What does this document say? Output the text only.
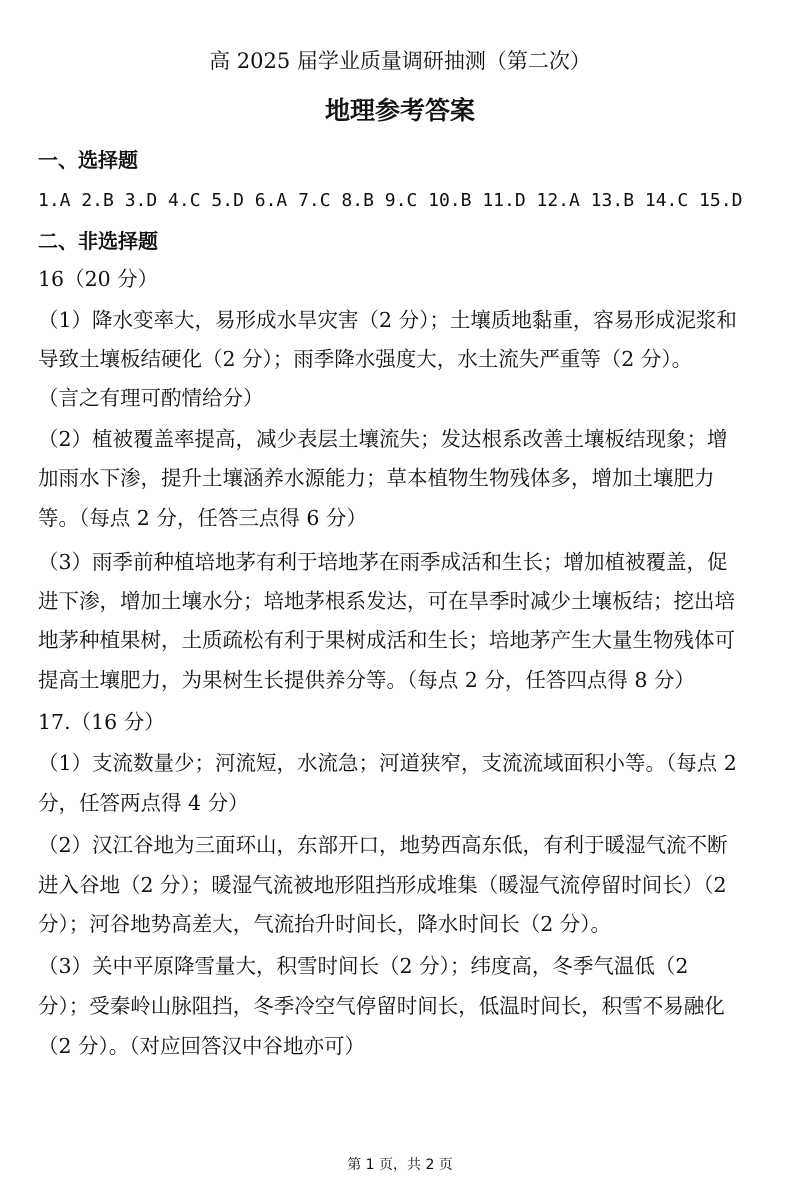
高 2025 届学业质量调研抽测（第二次）
地理参考答案
一、选择题
1.A 2.B 3.D 4.C 5.D 6.A 7.C 8.B 9.C 10.B 11.D 12.A 13.B 14.C 15.D
二、非选择题
16（20 分）
（1）降水变率大，易形成水旱灾害（2 分）；土壤质地黏重，容易形成泥浆和
导致土壤板结硬化（2 分）；雨季降水强度大，水土流失严重等（2 分）。
（言之有理可酌情给分）
（2）植被覆盖率提高，减少表层土壤流失；发达根系改善土壤板结现象；增
加雨水下渗，提升土壤涵养水源能力；草本植物生物残体多，增加土壤肥力
等。（每点 2 分，任答三点得 6 分）
（3）雨季前种植培地茅有利于培地茅在雨季成活和生长；增加植被覆盖，促
进下渗，增加土壤水分；培地茅根系发达，可在旱季时减少土壤板结；挖出培
地茅种植果树，土质疏松有利于果树成活和生长；培地茅产生大量生物残体可
提高土壤肥力，为果树生长提供养分等。（每点 2 分，任答四点得 8 分）
17.（16 分）
（1）支流数量少；河流短，水流急；河道狭窄，支流流域面积小等。（每点 2
分，任答两点得 4 分）
（2）汉江谷地为三面环山，东部开口，地势西高东低，有利于暖湿气流不断
进入谷地（2 分）；暖湿气流被地形阻挡形成堆集（暖湿气流停留时间长）（2
分）；河谷地势高差大，气流抬升时间长，降水时间长（2 分）。
（3）关中平原降雪量大，积雪时间长（2 分）；纬度高，冬季气温低（2
分）；受秦岭山脉阻挡，冬季冷空气停留时间长，低温时间长，积雪不易融化
（2 分）。（对应回答汉中谷地亦可）
第 1 页，共 2 页
